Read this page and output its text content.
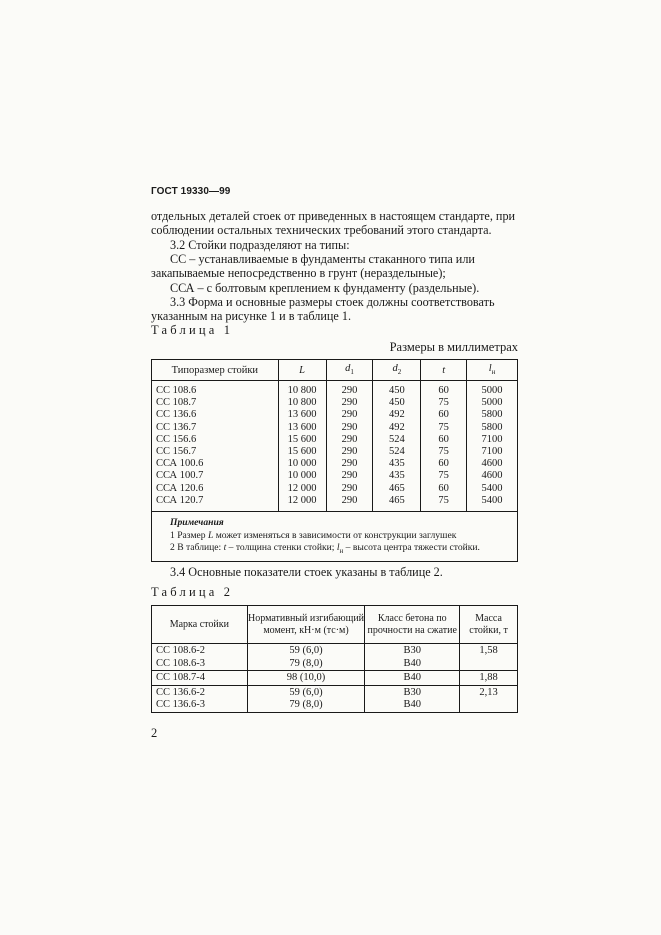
ГОСТ 19330—99

отдельных деталей стоек от приведенных в настоящем стандарте, при соблюдении остальных технических требований этого стандарта.

3.2 Стойки подразделяют на типы:

СС – устанавливаемые в фундаменты стаканного типа или закапываемые непосредственно в грунт (неразделыные);

ССА – с болтовым креплением к фундаменту (раздельные).

3.3 Форма и основные размеры стоек должны соответствовать указанным на рисунке 1 и в таблице 1.

Таблица 1
Размеры в миллиметрах
Типоразмер стойки	L	$d_1$	$d_2$	t	$l_н$
СС 108.6	10 800	290	450	60	5000
СС 108.7	10 800	290	450	75	5000
СС 136.6	13 600	290	492	60	5800
СС 136.7	13 600	290	492	75	5800
СС 156.6	15 600	290	524	60	7100
СС 156.7	15 600	290	524	75	7100
ССА 100.6	10 000	290	435	60	4600
ССА 100.7	10 000	290	435	75	4600
ССА 120.6	12 000	290	465	60	5400
ССА 120.7	12 000	290	465	75	5400

Примечания
1 Размер L может изменяться в зависимости от конструкции заглушек
2 В таблице: t – толщина стенки стойки; $l_н$ – высота центра тяжести стойки.					

3.4 Основные показатели стоек указаны в таблице 2.

Таблица 2
Марка стойки	Нормативный изгибающий момент, кН·м (тс·м)	Класс бетона по прочности на сжатие	Масса стойки, т
СС 108.6-2	59 (6,0)	В30	1,58
СС 108.6-3	79 (8,0)	В40	
СС 108.7-4	98 (10,0)	В40	1,88
СС 136.6-2	59 (6,0)	В30	2,13
СС 136.6-3	79 (8,0)	В40	
2
